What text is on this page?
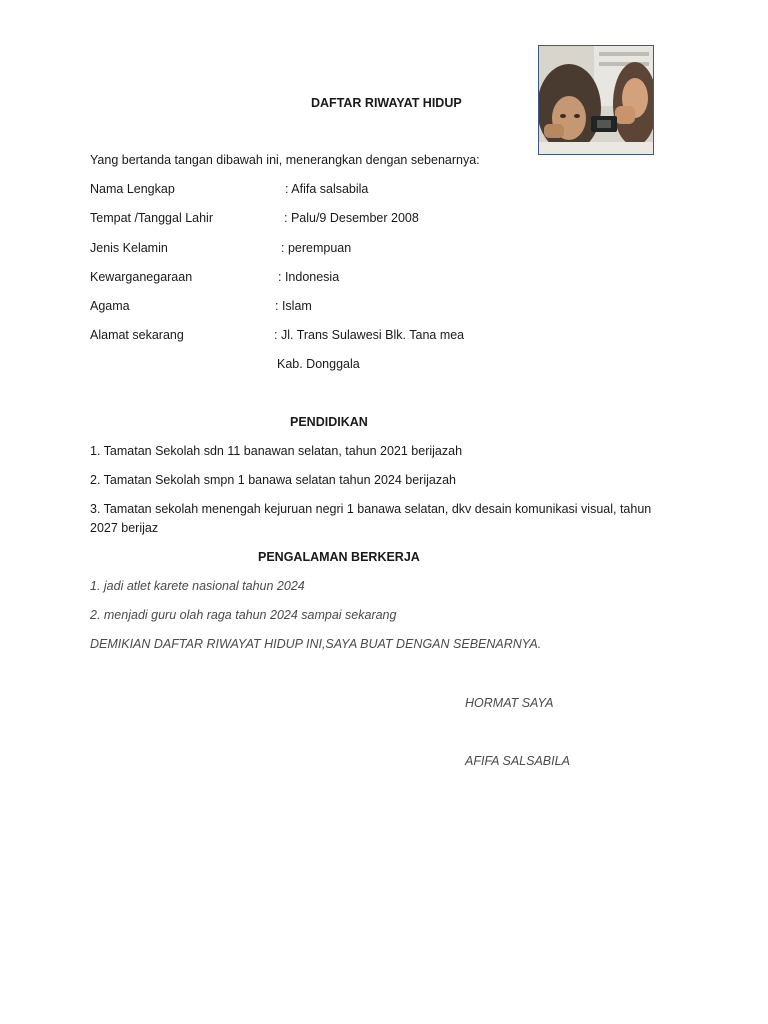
DAFTAR RIWAYAT HIDUP
Yang bertanda tangan dibawah ini, menerangkan dengan sebenarnya:
Nama Lengkap	: Afifa salsabila
Tempat /Tanggal Lahir	: Palu/9 Desember 2008
Jenis Kelamin	: perempuan
Kewarganegaraan	: Indonesia
Agama	: Islam
Alamat sekarang	: Jl. Trans Sulawesi Blk. Tana mea
Kab. Donggala
PENDIDIKAN
1. Tamatan Sekolah sdn 11 banawan selatan, tahun 2021 berijazah
2. Tamatan Sekolah smpn 1 banawa selatan tahun 2024 berijazah
3. Tamatan sekolah menengah kejuruan negri 1 banawa selatan, dkv desain komunikasi visual, tahun 2027 berijaz
PENGALAMAN BERKERJA
1. jadi atlet karete nasional tahun 2024
2. menjadi guru olah raga tahun 2024 sampai sekarang
DEMIKIAN DAFTAR RIWAYAT HIDUP INI,SAYA BUAT DENGAN SEBENARNYA.
HORMAT SAYA
AFIFA SALSABILA
